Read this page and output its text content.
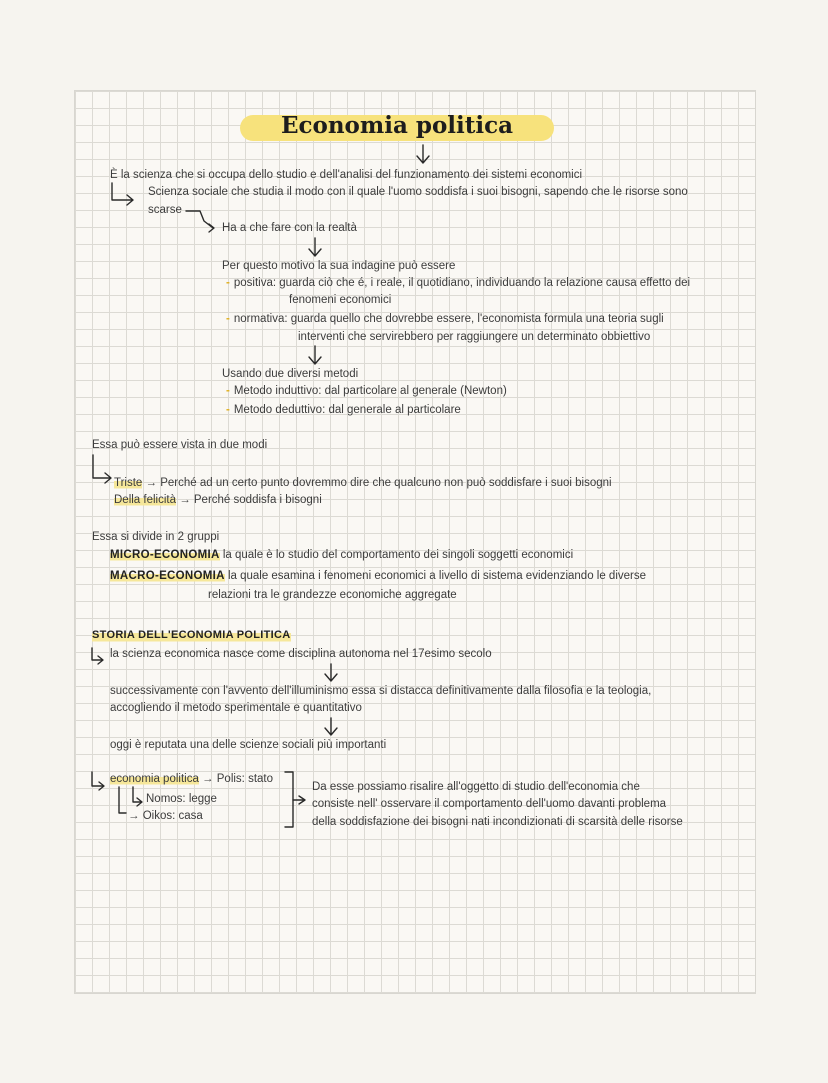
Economia politica
È la scienza che si occupa dello studio e dell'analisi del funzionamento dei sistemi economici
Scienza sociale che studia il modo con il quale l'uomo soddisfa i suoi bisogni, sapendo che le risorse sono
scarse
Ha a che fare con la realtà
Per questo motivo la sua indagine può essere
- positiva: guarda ciò che é, i reale, il quotidiano, individuando la relazione causa effetto dei
fenomeni economici
- normativa: guarda quello che dovrebbe essere, l'economista formula una teoria sugli
interventi che servirebbero per raggiungere un determinato obbiettivo
Usando due diversi metodi
- Metodo induttivo: dal particolare al generale (Newton)
- Metodo deduttivo: dal generale al particolare
Essa può essere vista in due modi
Triste → Perché ad un certo punto dovremmo dire che qualcuno non può soddisfare i suoi bisogni
Della felicità → Perché soddisfa i bisogni
Essa si divide in 2 gruppi
MICRO-ECONOMIA la quale è lo studio del comportamento dei singoli soggetti economici
MACRO-ECONOMIA la quale esamina i fenomeni economici a livello di sistema evidenziando le diverse
relazioni tra le grandezze economiche aggregate
STORIA DELL'ECONOMIA POLITICA
la scienza economica nasce come disciplina autonoma nel 17esimo secolo
successivamente con l'avvento dell'illuminismo essa si distacca definitivamente dalla filosofia e la teologia,
accogliendo il metodo sperimentale e quantitativo
oggi è reputata una delle scienze sociali più importanti
economia politica → Polis: stato
Nomos: legge
→ Oikos: casa
Da esse possiamo risalire all'oggetto di studio dell'economia che
consiste nell' osservare il comportamento dell'uomo davanti problema
della soddisfazione dei bisogni nati incondizionati di scarsità delle risorse
